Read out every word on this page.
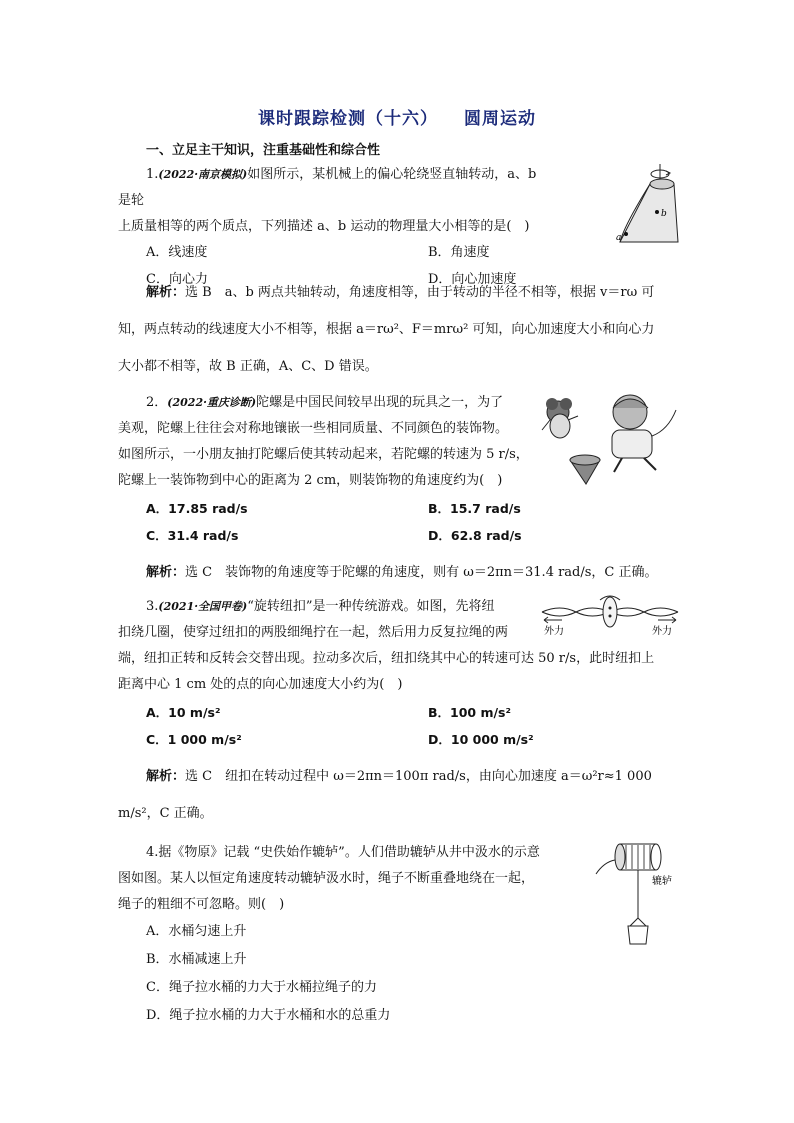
课时跟踪检测（十六） 圆周运动
一、立足主干知识，注重基础性和综合性

1.(2022·南京模拟)如图所示，某机械上的偏心轮绕竖直轴转动，a、b 是轮

上质量相等的两个质点，下列描述 a、b 运动的物理量大小相等的是(　)

A．线速度	B．角速度
C．向心力	D．向心加速度
a
b

解析：选 B　a、b 两点共轴转动，角速度相等，由于转动的半径不相等，根据 v＝rω 可

知，两点转动的线速度大小不相等，根据 a＝rω²、F＝mrω² 可知，向心加速度大小和向心力

大小都不相等，故 B 正确，A、C、D 错误。

2．(2022·重庆诊断)陀螺是中国民间较早出现的玩具之一，为了

美观，陀螺上往往会对称地镶嵌一些相同质量、不同颜色的装饰物。

如图所示，一小朋友抽打陀螺后使其转动起来，若陀螺的转速为 5 r/s，

陀螺上一装饰物到中心的距离为 2 cm，则装饰物的角速度约为(　)

A．17.85 rad/s	B．15.7 rad/s
C．31.4 rad/s	D．62.8 rad/s

解析：选 C　装饰物的角速度等于陀螺的角速度，则有 ω＝2πn＝31.4 rad/s，C 正确。

3.(2021·全国甲卷)“旋转纽扣”是一种传统游戏。如图，先将纽

扣绕几圈，使穿过纽扣的两股细绳拧在一起，然后用力反复拉绳的两

端，纽扣正转和反转会交替出现。拉动多次后，纽扣绕其中心的转速可达 50 r/s，此时纽扣上

距离中心 1 cm 处的点的向心加速度大小约为(　)

A．10 m/s²	B．100 m/s²
C．1 000 m/s²	D．10 000 m/s²
外力	外力

解析：选 C　纽扣在转动过程中 ω＝2πn＝100π rad/s，由向心加速度 a＝ω²r≈1 000

m/s²，C 正确。

4.据《物原》记载 “史佚始作辘轳”。人们借助辘轳从井中汲水的示意

图如图。某人以恒定角速度转动辘轳汲水时，绳子不断重叠地绕在一起，

绳子的粗细不可忽略。则(　)

A．水桶匀速上升
B．水桶减速上升
C．绳子拉水桶的力大于水桶拉绳子的力
D．绳子拉水桶的力大于水桶和水的总重力
辘轳
